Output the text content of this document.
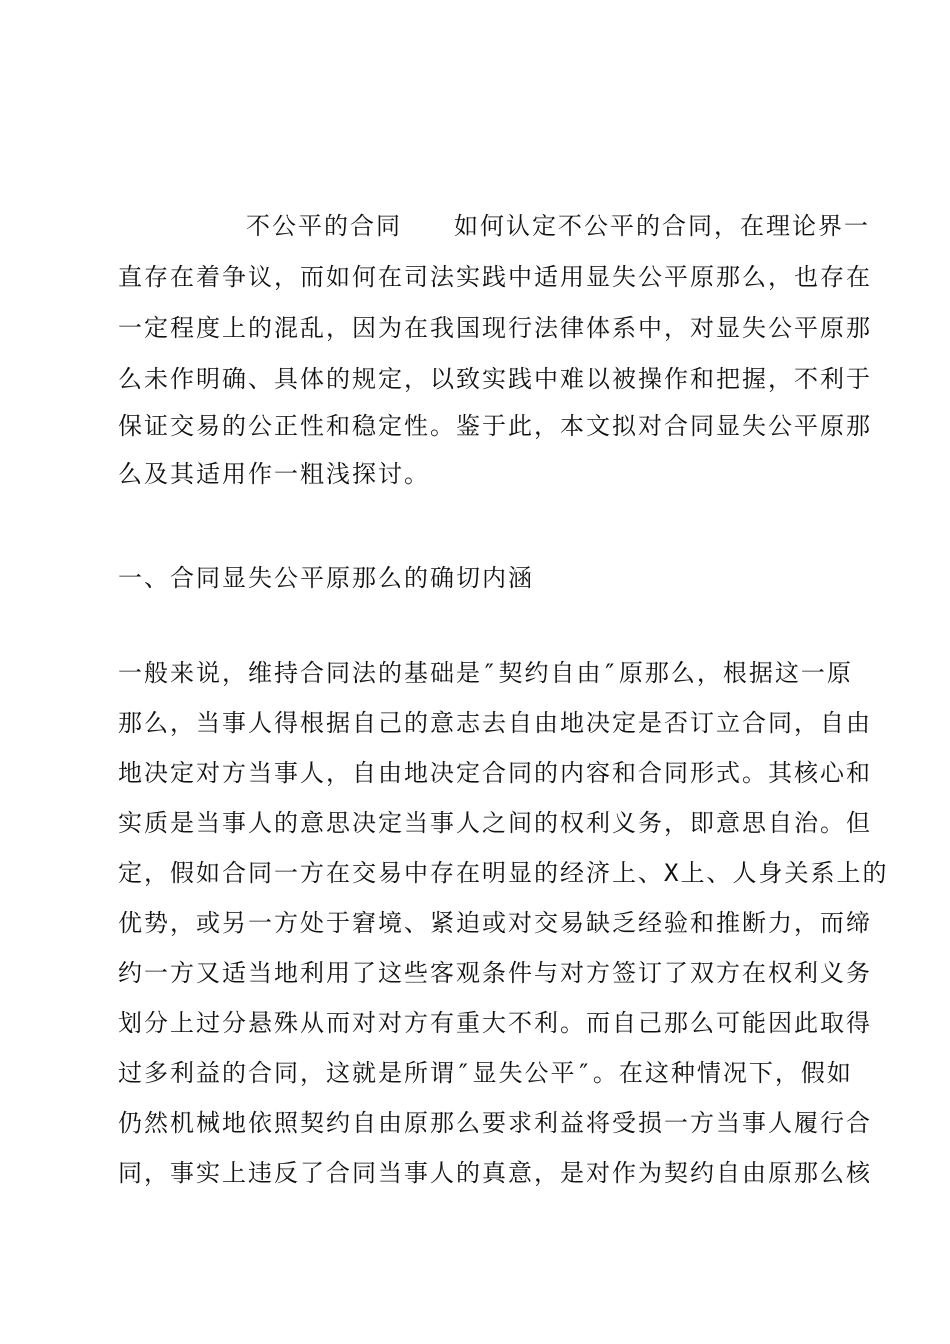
不公平的合同　　如何认定不公平的合同，在理论界一
直存在着争议，而如何在司法实践中适用显失公平原那么，也存在
一定程度上的混乱，因为在我国现行法律体系中，对显失公平原那
么未作明确、具体的规定，以致实践中难以被操作和把握，不利于
保证交易的公正性和稳定性。鉴于此，本文拟对合同显失公平原那
么及其适用作一粗浅探讨。
一、合同显失公平原那么的确切内涵
一般来说，维持合同法的基础是″契约自由″原那么，根据这一原
那么，当事人得根据自己的意志去自由地决定是否订立合同，自由
地决定对方当事人，自由地决定合同的内容和合同形式。其核心和
实质是当事人的意思决定当事人之间的权利义务，即意思自治。但
定，假如合同一方在交易中存在明显的经济上、X上、人身关系上的
优势，或另一方处于窘境、紧迫或对交易缺乏经验和推断力，而缔
约一方又适当地利用了这些客观条件与对方签订了双方在权利义务
划分上过分悬殊从而对对方有重大不利。而自己那么可能因此取得
过多利益的合同，这就是所谓″显失公平″。在这种情况下，假如
仍然机械地依照契约自由原那么要求利益将受损一方当事人履行合
同，事实上违反了合同当事人的真意，是对作为契约自由原那么核
